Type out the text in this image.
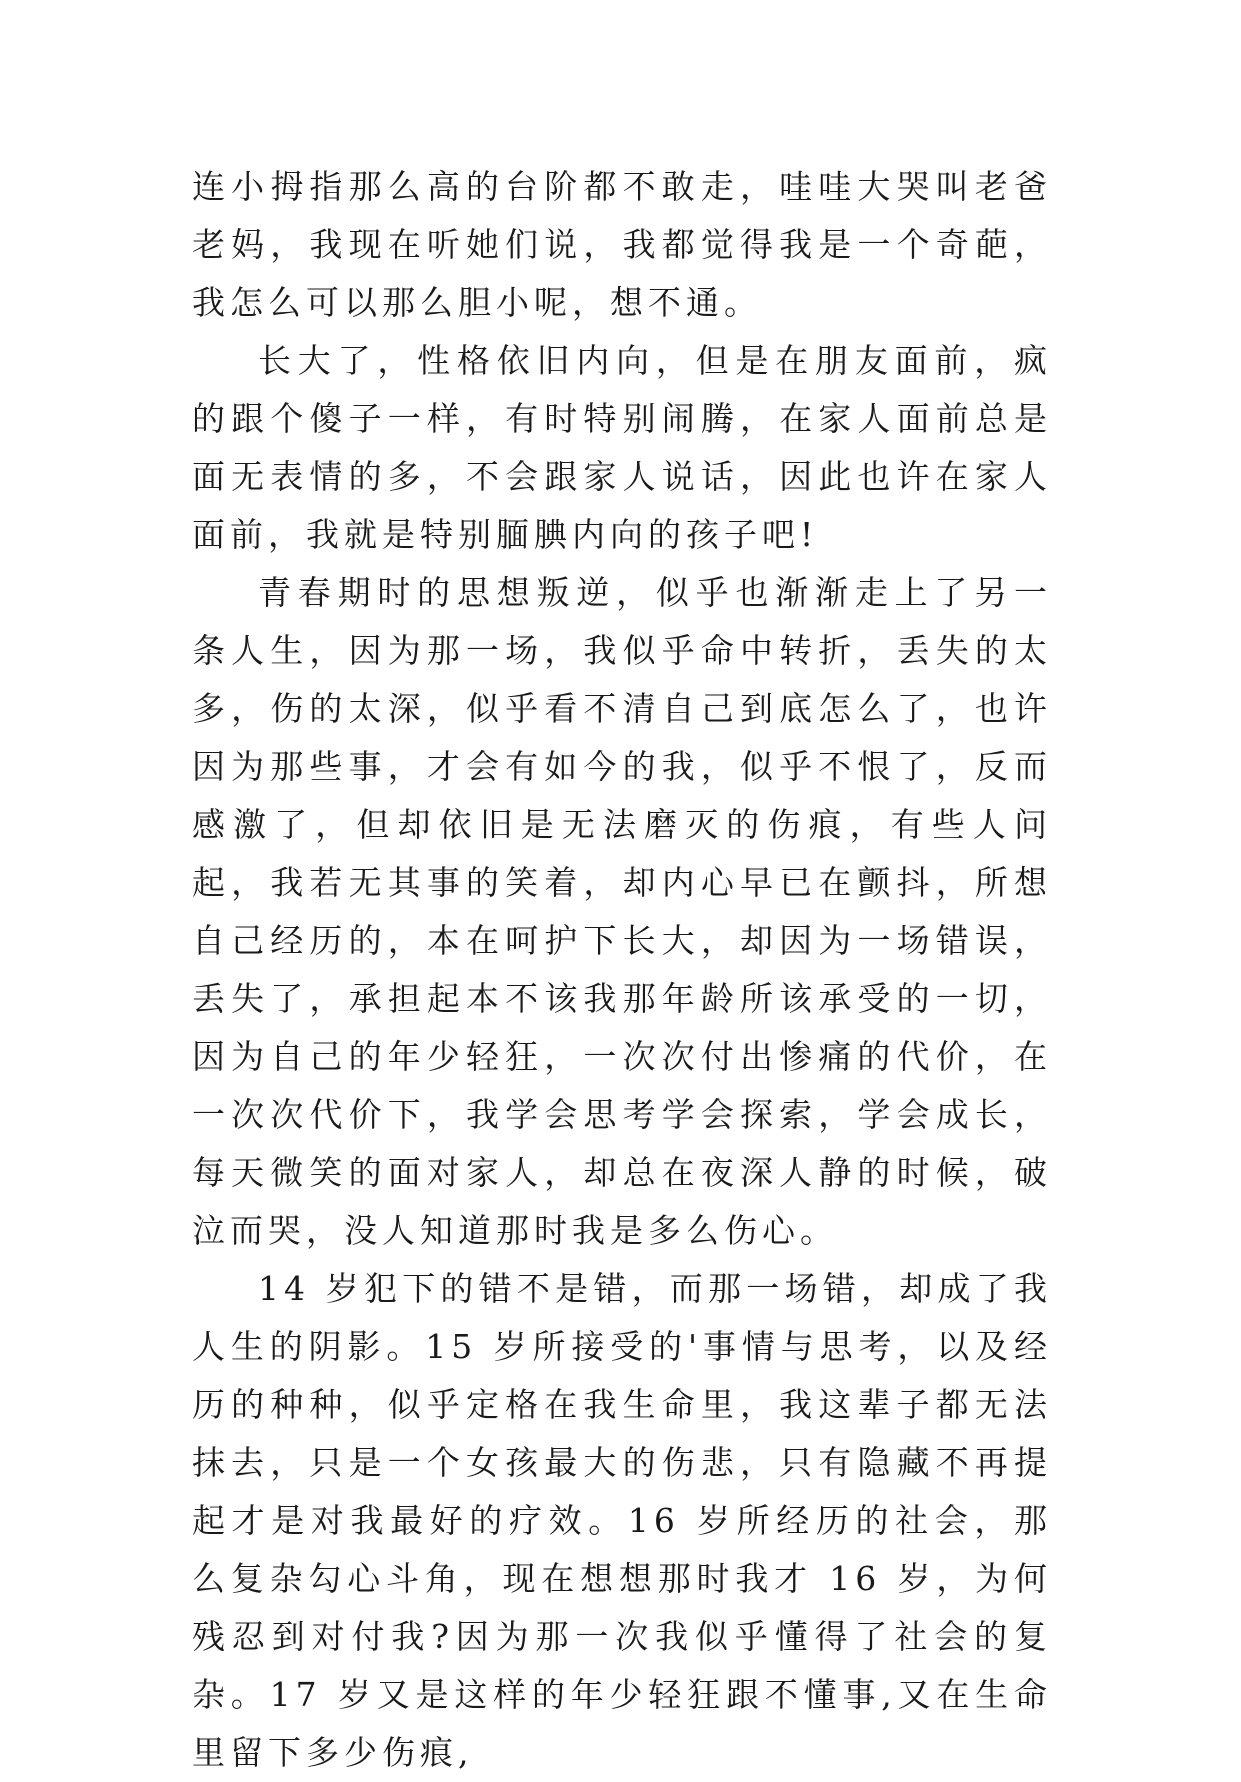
连小拇指那么高的台阶都不敢走，哇哇大哭叫老爸老妈，我现在听她们说，我都觉得我是一个奇葩，我怎么可以那么胆小呢，想不通。

长大了，性格依旧内向，但是在朋友面前，疯的跟个傻子一样，有时特别闹腾，在家人面前总是面无表情的多，不会跟家人说话，因此也许在家人面前，我就是特别腼腆内向的孩子吧!

青春期时的思想叛逆，似乎也渐渐走上了另一条人生，因为那一场，我似乎命中转折，丢失的太多，伤的太深，似乎看不清自己到底怎么了，也许因为那些事，才会有如今的我，似乎不恨了，反而感激了，但却依旧是无法磨灭的伤痕，有些人问起，我若无其事的笑着，却内心早已在颤抖，所想自己经历的，本在呵护下长大，却因为一场错误，丢失了，承担起本不该我那年龄所该承受的一切，因为自己的年少轻狂，一次次付出惨痛的代价，在一次次代价下，我学会思考学会探索，学会成长，每天微笑的面对家人，却总在夜深人静的时候，破泣而哭，没人知道那时我是多么伤心。

14 岁犯下的错不是错，而那一场错，却成了我人生的阴影。15 岁所接受的'事情与思考，以及经历的种种，似乎定格在我生命里，我这辈子都无法抹去，只是一个女孩最大的伤悲，只有隐藏不再提起才是对我最好的疗效。16 岁所经历的社会，那么复杂勾心斗角，现在想想那时我才 16 岁，为何残忍到对付我?因为那一次我似乎懂得了社会的复杂。17 岁又是这样的年少轻狂跟不懂事,又在生命里留下多少伤痕,
